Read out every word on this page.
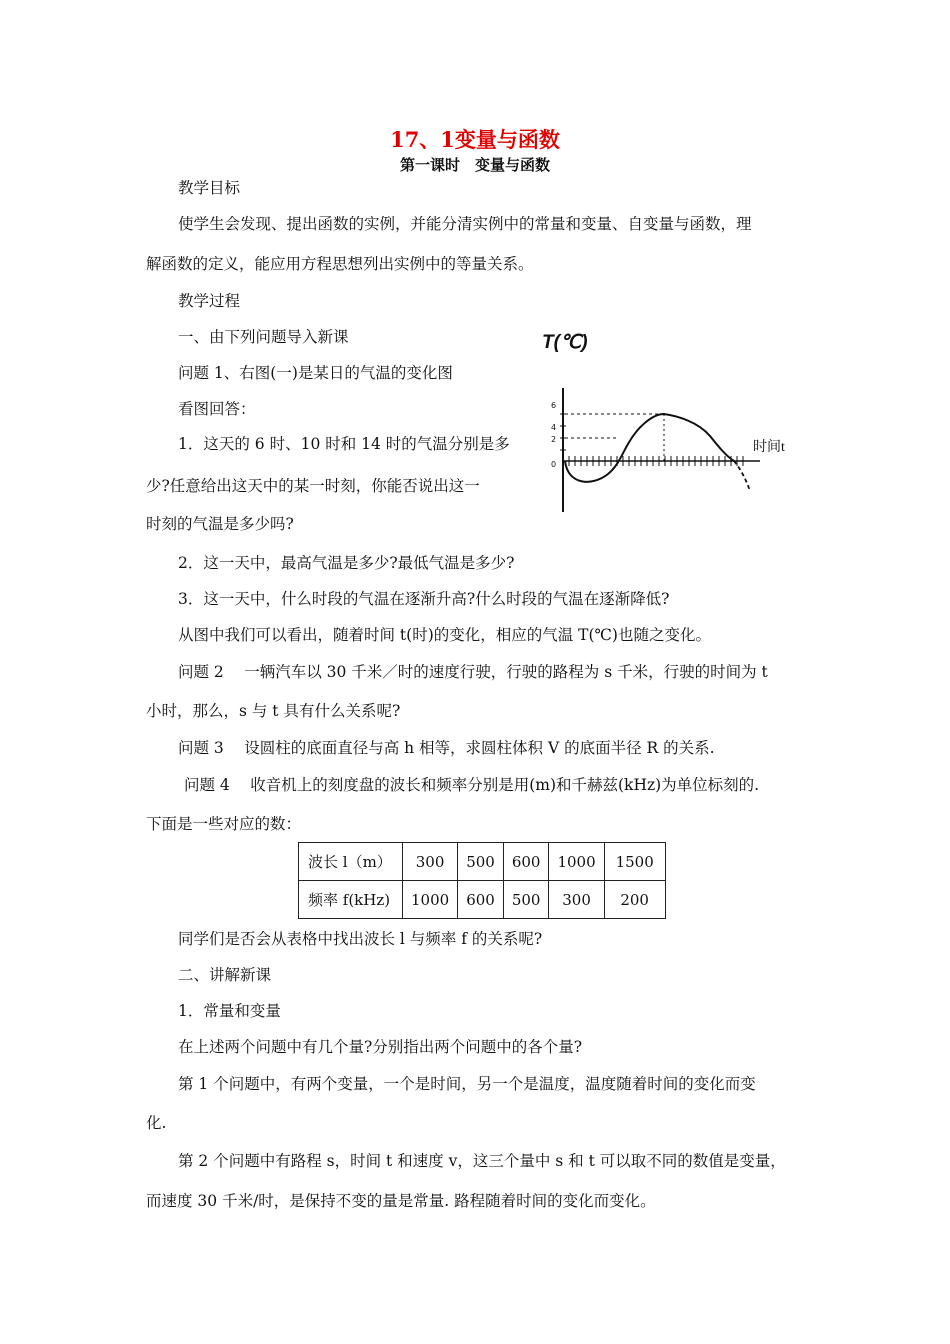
17、1变量与函数
第一课时　变量与函数
教学目标
使学生会发现、提出函数的实例，并能分清实例中的常量和变量、自变量与函数，理
解函数的定义，能应用方程思想列出实例中的等量关系。
教学过程
一、由下列问题导入新课
问题 1、右图(一)是某日的气温的变化图
看图回答：
1．这天的 6 时、10 时和 14 时的气温分别是多
少?任意给出这天中的某一时刻，你能否说出这一
时刻的气温是多少吗?
2．这一天中，最高气温是多少?最低气温是多少?
3．这一天中，什么时段的气温在逐渐升高?什么时段的气温在逐渐降低?
从图中我们可以看出，随着时间 t(时)的变化，相应的气温 T(℃)也随之变化。
问题 2　 一辆汽车以 30 千米／时的速度行驶，行驶的路程为 s 千米，行驶的时间为 t
小时，那么，s 与 t 具有什么关系呢?
问题 3　 设圆柱的底面直径与高 h 相等，求圆柱体积 V 的底面半径 R 的关系.
问题 4　 收音机上的刻度盘的波长和频率分别是用(m)和千赫兹(kHz)为单位标刻的.
下面是一些对应的数：
波长 l（m）	300	500	600	1000	1500
频率 f(kHz)	1000	600	500	300	200
同学们是否会从表格中找出波长 l 与频率 f 的关系呢?
二、讲解新课
1．常量和变量
在上述两个问题中有几个量?分别指出两个问题中的各个量?
第 1 个问题中，有两个变量，一个是时间，另一个是温度，温度随着时间的变化而变
化.
第 2 个问题中有路程 s，时间 t 和速度 v，这三个量中 s 和 t 可以取不同的数值是变量，
而速度 30 千米/时，是保持不变的量是常量. 路程随着时间的变化而变化。
T(℃)
6
4
2
0
时间t
